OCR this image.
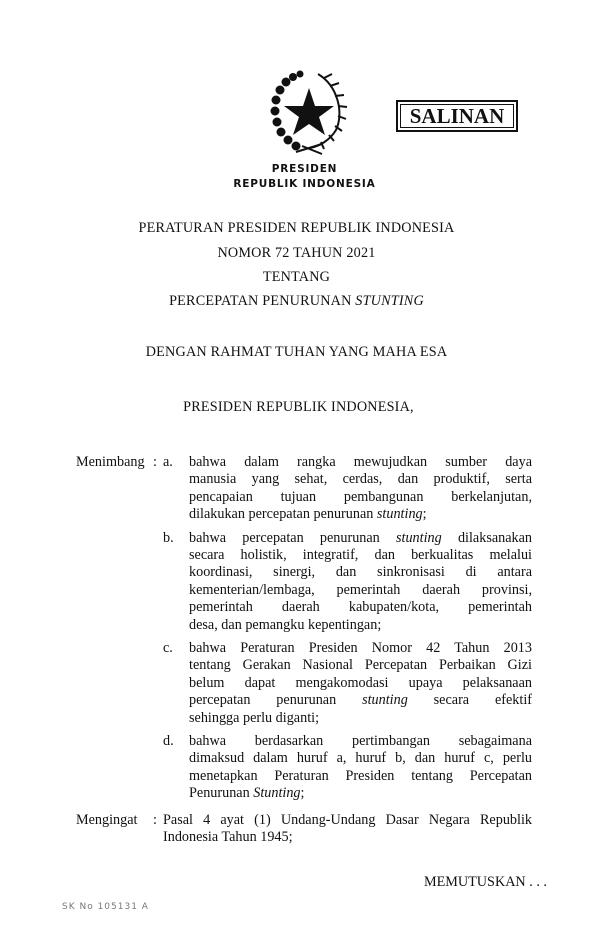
SALINAN
PRESIDEN
REPUBLIK INDONESIA
PERATURAN PRESIDEN REPUBLIK INDONESIA
NOMOR 72 TAHUN 2021
TENTANG
PERCEPATAN PENURUNAN STUNTING
DENGAN RAHMAT TUHAN YANG MAHA ESA
PRESIDEN REPUBLIK INDONESIA,
Menimbang : a. bahwa dalam rangka mewujudkan sumber daya
manusia yang sehat, cerdas, dan produktif, serta
pencapaian tujuan pembangunan berkelanjutan,
dilakukan percepatan penurunan stunting;
b. bahwa percepatan penurunan stunting dilaksanakan
secara holistik, integratif, dan berkualitas melalui
koordinasi, sinergi, dan sinkronisasi di antara
kementerian/lembaga, pemerintah daerah provinsi,
pemerintah daerah kabupaten/kota, pemerintah
desa, dan pemangku kepentingan;
c. bahwa Peraturan Presiden Nomor 42 Tahun 2013
tentang Gerakan Nasional Percepatan Perbaikan Gizi
belum dapat mengakomodasi upaya pelaksanaan
percepatan penurunan stunting secara efektif
sehingga perlu diganti;
d. bahwa berdasarkan pertimbangan sebagaimana
dimaksud dalam huruf a, huruf b, dan huruf c, perlu
menetapkan Peraturan Presiden tentang Percepatan
Penurunan Stunting;
Mengingat : Pasal 4 ayat (1) Undang-Undang Dasar Negara Republik
Indonesia Tahun 1945;
MEMUTUSKAN . . .
SK No 105131 A
